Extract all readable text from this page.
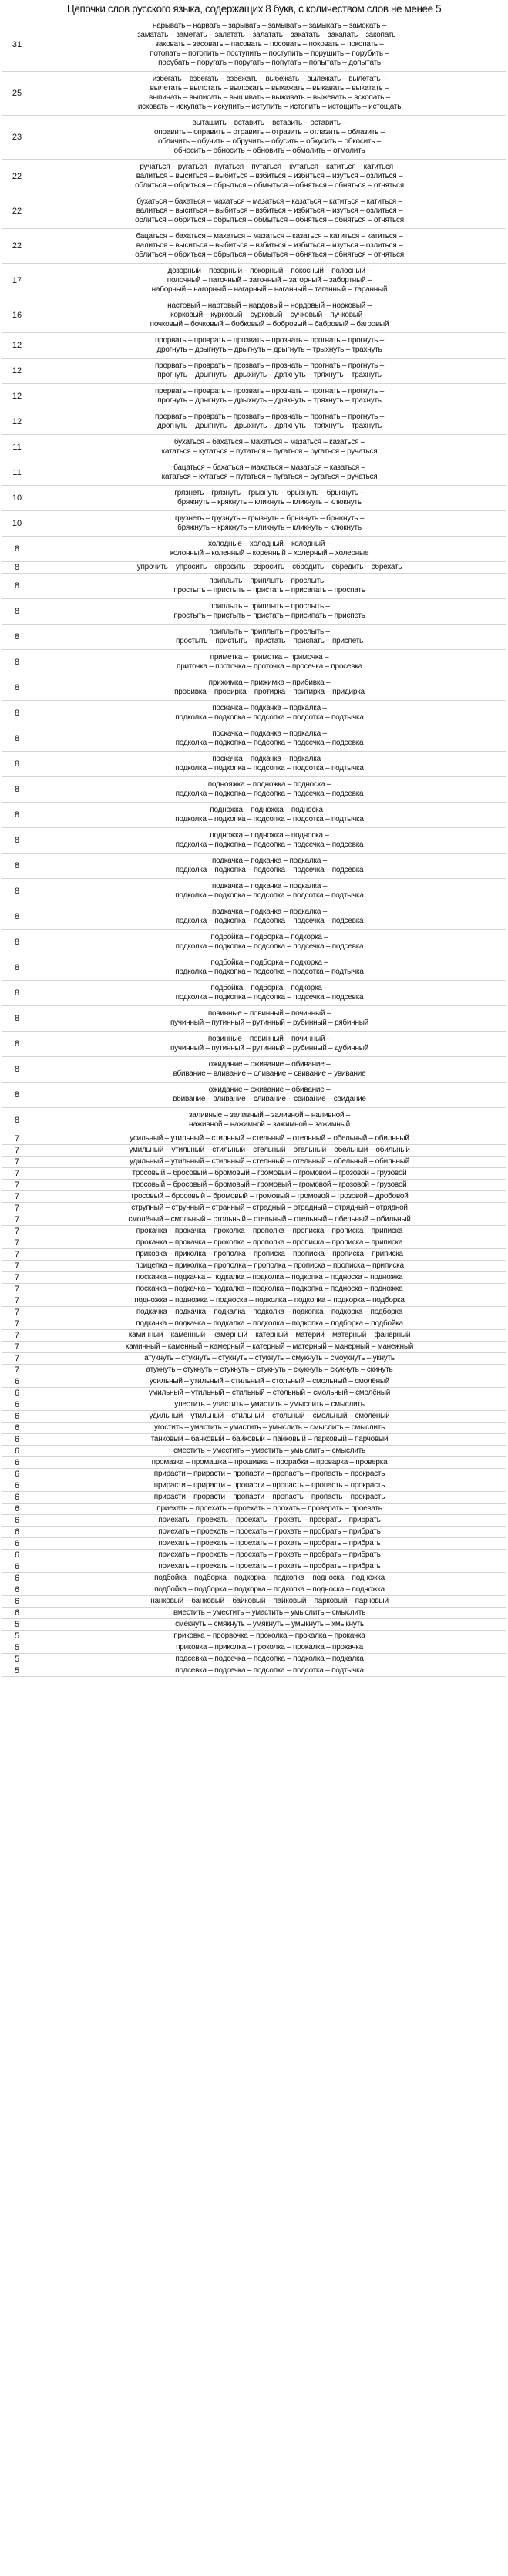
Цепочки слов русского языка, содержащих 8 букв, с количеством слов не менее 5
31
нарывать – нарвать – зарывать – замывать – замыкать – замокать –
заматать – заметать – залетать – залатать – закатать – закапать – закопать –
заковать – засовать – пасовать – посовать – поковать – покопать –
потопать – потопить – поступить – поступить – порушить – порубить –
порубать – поругать – поругать – попугать – попытать – допытать
25
избегать – взбегать – взбежать – выбежать – вылежать – вылетать –
вылетать – вылотать – выложать – выхажать – выкавать – выкатать –
выпинать – выписать – вышивать – выживать – выжевать – вскопать –
исковать – искупать – искупить – иступить – истопить – истощить – истощать
23
выташить – вставить – вставить – оставить –
оправить – оправить – отравить – отразить – отлазить – облазить –
обличить – обучить – обручить – обусить – обкусить – обкосить –
обносить – обносить – обновить – обмолить – отмолить
22
ручаться – ругаться – пугаться – путаться – кутаться – катиться – катиться –
валиться – выситься – выбиться – взбиться – избиться – изуться – озлиться –
облиться – обриться – обрыться – обмыться – обняться – обняться – отняться
22
бухаться – бахаться – махаться – мазаться – казаться – катиться – катиться –
валиться – выситься – выбиться – взбиться – избиться – изуться – озлиться –
облиться – обриться – обрыться – обмыться – обняться – обняться – отняться
22
бацаться – бахаться – махаться – мазаться – казаться – катиться – катиться –
валиться – выситься – выбиться – взбиться – избиться – изуться – озлиться –
облиться – обриться – обрыться – обмыться – обняться – обняться – отняться
17
дозорный – позорный – покорный – покосный – полосный –
полочный – паточный – заточный – заторный – забортный –
наборный – нагорный – нагарный – наганный – таганный – таранный
16
настовый – нартовый – нардовый – нордовый – норковый –
корковый – курковый – сурковый – сучковый – пучковый –
почковый – бочковый – бобковый – бобровый – бабровый – багровый
12
прорвать – проврать – прозвать – прознать – прогнать – прогнуть –
дрогнуть – дрыгнуть – дрыгнуть – дрыгнуть – трыхнуть – трахнуть
12
прорвать – проврать – прозвать – прознать – прогнать – прогнуть –
прогнуть – дрыгнуть – дрыхнуть – дряхнуть – тряхнуть – трахнуть
12
прервать – проврать – прозвать – прознать – прогнать – прогнуть –
прогнуть – дрыгнуть – дрыхнуть – дряхнуть – тряхнуть – трахнуть
12
прервать – проврать – прозвать – прознать – прогнать – прогнуть –
дрогнуть – дрыгнуть – дрыхнуть – дряхнуть – тряхнуть – трахнуть
11
бухаться – бахаться – махаться – мазаться – казаться –
кататься – кутаться – путаться – пугаться – ругаться – ручаться
11
бацаться – бахаться – махаться – мазаться – казаться –
кататься – кутаться – путаться – пугаться – ругаться – ручаться
10
грязнеть – грязнуть – грызнуть – брызнуть – брыкнуть –
бряжнуть – крякнуть – кликнуть – кликнуть – клюкнуть
10
грузнеть – грузнуть – грызнуть – брызнуть – брыкнуть –
бряжнуть – крякнуть – кликнуть – кликнуть – клюкнуть
8
холодные – холодный – колодный –
колонный – коленный – коренный – холерный – холерные
8	упрочить – упросить – спросить – сбросить – сбродить – сбредить – сбрехать
8
приплыть – приплыть – прослыть –
простыть – пристыть – пристать – присапать – проспать
8
приплыть – приплыть – прослыть –
простыть – пристыть – пристать – присипать – приспеть
8
приплыть – приплыть – прослыть –
простыть – пристыть – пристать – приспать – приспеть
8
приметка – примотка – примочка –
приточка – проточка – проточка – просечка – просевка
8
прижимка – прижимка – прибивка –
пробивка – пробирка – протирка – притирка – придирка
8
поскачка – подкачка – подкалка –
подколка – подкопка – подсопка – подсотка – подтычка
8
поскачка – подкачка – подкалка –
подколка – подкопка – подсопка – подсечка – подсевка
8
поскачка – подкачка – подкалка –
подколка – подкопка – подсопка – подсотка – подтычка
8
поднояжка – подножка – подноска –
подколка – подкопка – подсопка – подсечка – подсевка
8
подножка – подножка – подноска –
подколка – подкопка – подсопка – подсотка – подтычка
8
подножка – подножка – подноска –
подколка – подкопка – подсопка – подсечка – подсевка
8
подкачка – подкачка – подкалка –
подколка – подкопка – подсопка – подсечка – подсевка
8
подкачка – подкачка – подкалка –
подколка – подкопка – подсопка – подсотка – подтычка
8
подкачка – подкачка – подкалка –
подколка – подкопка – подсопка – подсечка – подсевка
8
подбойка – подборка – подкорка –
подколка – подкопка – подсопка – подсечка – подсевка
8
подбойка – подборка – подкорка –
подколка – подкопка – подсопка – подсотка – подтычка
8
подбойка – подборка – подкорка –
подколка – подкопка – подсопка – подсечка – подсевка
8
повинные – повинный – починный –
пучинный – путинный – рутинный – рубинный – рябинный
8
повинные – повинный – починный –
пучинный – путинный – рутинный – рубинный – дубинный
8
ожидание – оживание – обивание –
вбивание – вливание – сливание – свивание – увивание
8
ожидание – оживание – обивание –
вбивание – вливание – сливание – свивание – свидание
8
заливные – заливный – заливной – наливной –
наживной – нажимной – зажимной – зажимный
7	усильный – утильный – стильный – стельный – отельный – обельный – обильный
7	умильный – утильный – стильный – стельный – отельный – обельный – обильный
7	удильный – утильный – стильный – стельный – отельный – обельный – обильный
7	тросовый – бросовый – бромовый – громовый – громовой – грозовой – грузовой
7	тросовый – бросовый – бромовый – громовый – громовой – грозовой – грузовой
7	тросовый – бросовый – бромовый – громовый – громовой – грозовой – дробовой
7	струпный – струнный – странный – страдный – отрадный – отрядный – отрядной
7	смолёный – смольный – стольный – стельный – отельный – обельный – обильный
7	прокачка – прокачка – проколка – прополка – прописка – прописка – приписка
7	прокачка – прокачка – проколка – прополка – прописка – прописка – приписка
7	приковка – приколка – прополка – прописка – прописка – прописка – приписка
7	прицепка – приколка – прополка – прополка – прописка – прописка – приписка
7	поскачка – подкачка – подкалка – подколка – подкопка – подноска – подножка
7	поскачка – подкачка – подкалка – подколка – подкопка – подноска – подножка
7	подножка – подножка – подноска – подколка – подкопка – подкорка – подборка
7	подкачка – подкачка – подкалка – подколка – подкопка – подкорка – подборка
7	подкачка – подкачка – подкалка – подколка – подкопка – подборка – подбойка
7	каминный – каменный – камерный – катерный – материй – матерный – фанерный
7	каминный – каменный – камерный – катерный – матерный – манерный – манежный
7	атукнуть – стукнуть – стукнуть – стукнуть – смукнуть – смоукнуть – укнуть
7	атукнуть – стукнуть – стукнуть – стукнуть – скукнуть – скукнуть – скинуть
6	усильный – утильный – стильный – стольный – смольный – смолёный
6	умильный – утильный – стильный – стольный – смольный – смолёный
6	улестить – уластить – умастить – умыслить – смыслить
6	удильный – утильный – стильный – стольный – смольный – смолёный
6	угостить – умастить – умастить – умыслить – смыслить – смыслить
6	танковый – банковый – байковый – пайковый – парковый – парчовый
6	сместить – уместить – умастить – умыслить – смыслить
6	промазка – промашка – прошивка – прорабка – проварка – проверка
6	прирасти – прирасти – пропасти – пропасть – пропасть – прокрасть
6	прирасти – прирасти – пропасти – пропасть – пропасть – прокрасть
6	прирасти – прорасти – пропасти – пропасть – пропасть – прокрасть
6	приехать – проехать – проехать – прохать – проверать – проевать
6	приехать – проехать – проехать – прохать – пробрать – прибрать
6	приехать – проехать – проехать – прохать – пробрать – прибрать
6	приехать – проехать – проехать – прохать – пробрать – прибрать
6	приехать – проехать – проехать – прохать – пробрать – прибрать
6	приехать – проехать – проехать – прохать – пробрать – прибрать
6	подбойка – подборка – подкорка – подкопка – подноска – подножка
6	подбойка – подборка – подкорка – подкопка – подноска – подножка
6	нанковый – банковый – байковый – пайковый – парковый – парчовый
6	вместить – уместить – умастить – умыслить – смыслить
5	смекнуть – смякнуть – умякнуть – умыкнуть – хмыкнуть
5	приковка – прорвочка – проколка – прокалка – прокачка
5	приковка – приколка – проколка – прокалка – прокачка
5	подсевка – подсечка – подсопка – подколка – подкалка
5	подсевка – подсечка – подсопка – подсотка – подтычка
